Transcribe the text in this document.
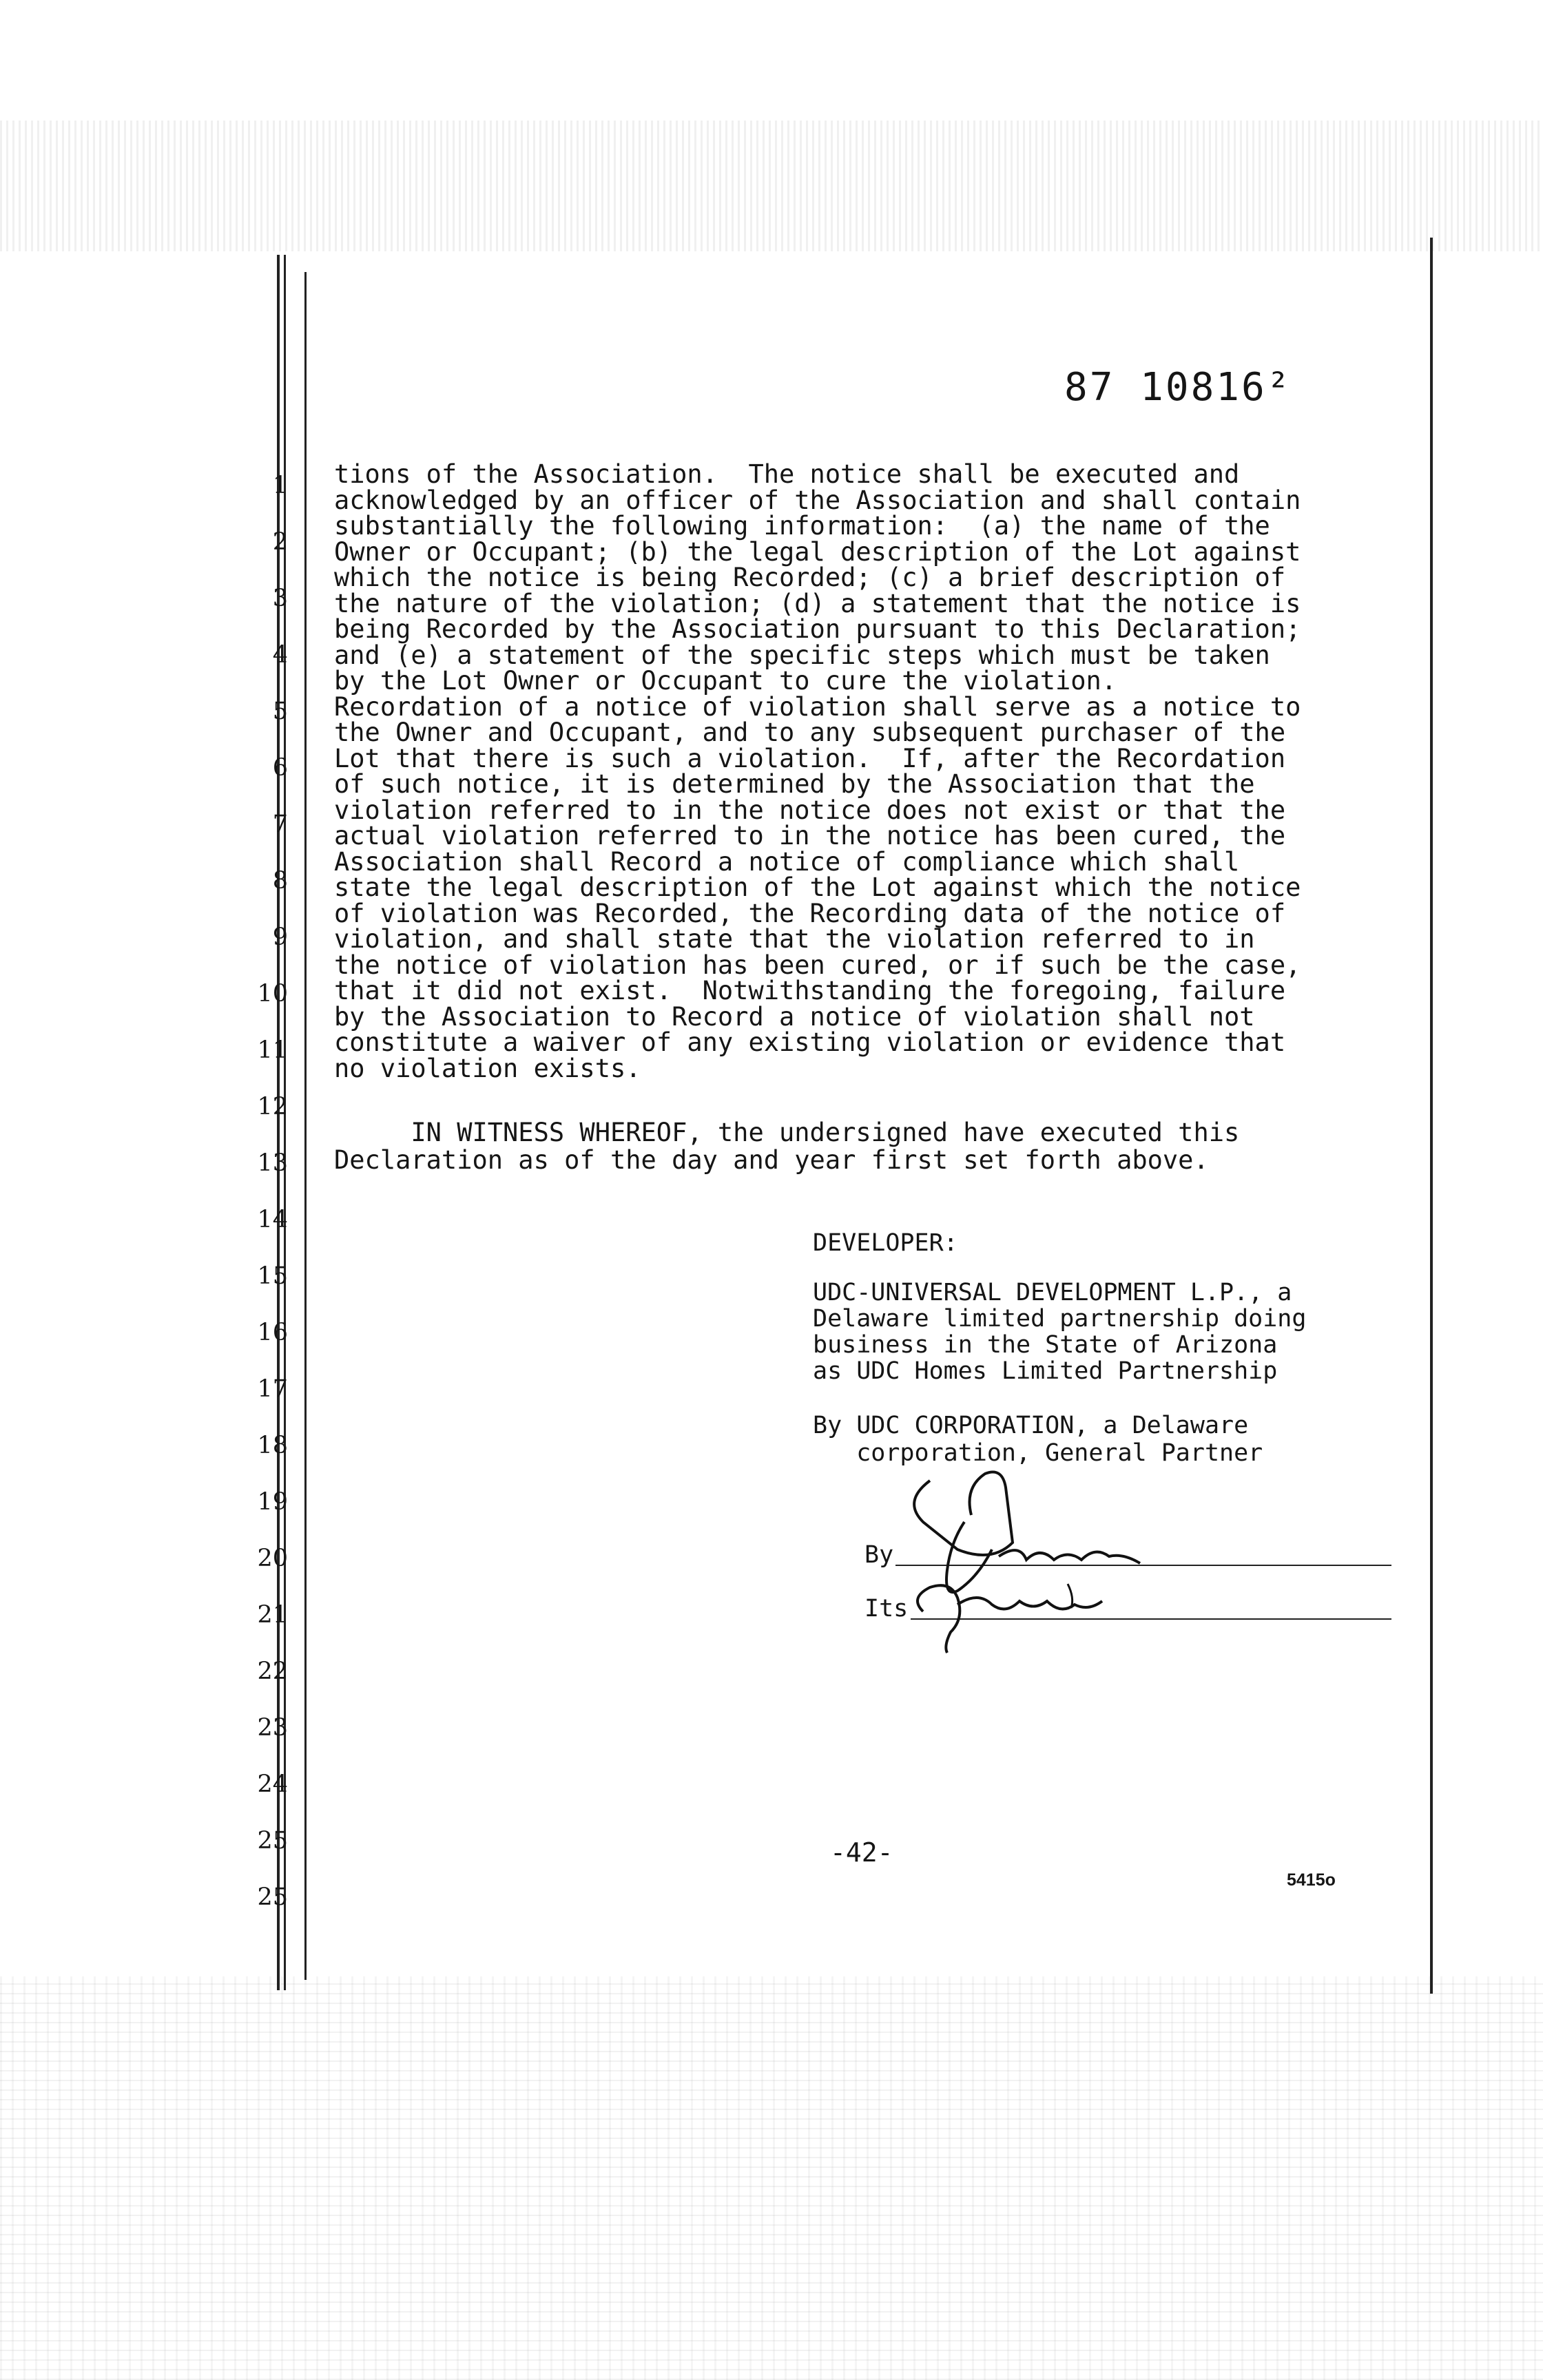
87 10816²
1
2
3
4
5
6
7
8
9
10
11
12
13
14
15
16
17
18
19
20
21
22
23
24
25
25
tions of the Association.  The notice shall be executed and
acknowledged by an officer of the Association and shall contain
substantially the following information:  (a) the name of the
Owner or Occupant; (b) the legal description of the Lot against
which the notice is being Recorded; (c) a brief description of
the nature of the violation; (d) a statement that the notice is
being Recorded by the Association pursuant to this Declaration;
and (e) a statement of the specific steps which must be taken
by the Lot Owner or Occupant to cure the violation.
Recordation of a notice of violation shall serve as a notice to
the Owner and Occupant, and to any subsequent purchaser of the
Lot that there is such a violation.  If, after the Recordation
of such notice, it is determined by the Association that the
violation referred to in the notice does not exist or that the
actual violation referred to in the notice has been cured, the
Association shall Record a notice of compliance which shall
state the legal description of the Lot against which the notice
of violation was Recorded, the Recording data of the notice of
violation, and shall state that the violation referred to in
the notice of violation has been cured, or if such be the case,
that it did not exist.  Notwithstanding the foregoing, failure
by the Association to Record a notice of violation shall not
constitute a waiver of any existing violation or evidence that
no violation exists.
IN WITNESS WHEREOF, the undersigned have executed this
Declaration as of the day and year first set forth above.
DEVELOPER:
UDC-UNIVERSAL DEVELOPMENT L.P., a
Delaware limited partnership doing
business in the State of Arizona
as UDC Homes Limited Partnership
By UDC CORPORATION, a Delaware
corporation, General Partner
By
Its
-42-
5415o
